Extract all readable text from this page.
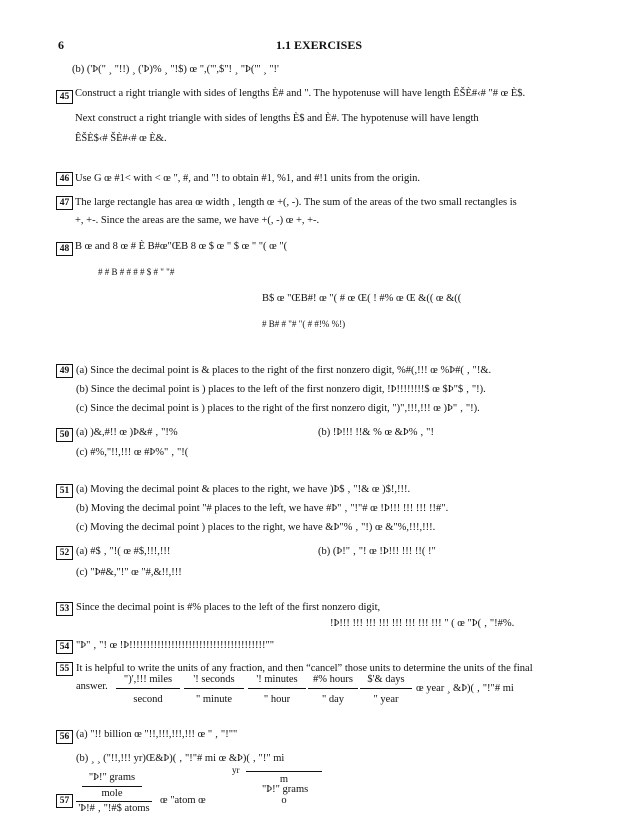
6	1.1 EXERCISES
(b) ('Þ(" ¸ "!!) ¸ ('Þ)% ¸ "!$) œ ",("',$"! ¸ "Þ("' ¸ "!'
45 Construct a right triangle with sides of lengths È# and ". The hypotenuse will have length ÊŠÈ#‹# "# œ È$.
Next construct a right triangle with sides of lengths È$ and È#. The hypotenuse will have length
ÊŠÈ$‹# ŠÈ#‹# œ È&.
46 Use G œ #1< with < œ ", #, and "! to obtain #1, %1, and #!1 units from the origin.
47 The large rectangle has area œ width ‚ length œ +(, -). The sum of the areas of the two small rectangles is
+, +-. Since the areas are the same, we have +(, -) œ +, +-.
48 B œ and 8 œ # È B#œ"ŒB 8 œ $ œ " $ œ " "( œ "(
# # B # # # # $ # " "#
B$ œ "ŒB#! œ "( # œ Œ( ! #% œ Œ &(( œ &((
# B# # "# "( # #!% %!)
49 (a) Since the decimal point is & places to the right of the first nonzero digit, %#(,!!! œ %Þ#( ‚ "!&.
(b) Since the decimal point is ) places to the left of the first nonzero digit, !Þ!!!!!!!!$ œ $Þ"$ ‚ "!).
(c) Since the decimal point is ) places to the right of the first nonzero digit, ")",!!!,!!! œ )Þ" ‚ "!).
50 (a) )&,#!! œ )Þ&# ‚ "!%	(b) !Þ!!! !!& % œ &Þ% ‚ "!
(c) #%,"!!,!!! œ #Þ%" ‚ "!(
51 (a) Moving the decimal point & places to the right, we have )Þ$ ‚ "!& œ )$!,!!!.
(b) Moving the decimal point "# places to the left, we have #Þ" ‚ "!"# œ !Þ!!! !!! !!! !!#".
(c) Moving the decimal point ) places to the right, we have &Þ"% ‚ "!) œ &"%,!!!,!!!.
52 (a) #$ ‚ "!( œ #$,!!!,!!!	(b) (Þ!" ‚ "! œ !Þ!!! !!! !!( !"
(c) "Þ#&,"!" œ "#,&!!,!!!
53 Since the decimal point is #% places to the left of the first nonzero digit,
!Þ!!! !!! !!! !!! !!! !!! !!! !!! " ( œ "Þ( ‚ "!#%.
54 "Þ" ‚ "! œ !Þ!!!!!!!!!!!!!!!!!!!!!!!!!!!!!!!!!!!!!!!""
55 It is helpful to write the units of any fraction, and then “cancel” those units to determine the units of the final
answer.
")',!!! miles
second
'! seconds
" minute
'! minutes
" hour
#% hours
" day
$'& days
" year
œ year ¸ &Þ)( ‚ "!"# mi
56 (a) "!! billion œ "!!,!!!,!!!,!!! œ " ‚ "!""
(b) ¸ ¸ ("!!,!!! yr)Œ&Þ)( ‚ "!"# mi œ &Þ)( ‚ "!" mi
yr
57
"Þ!" grams
mole
'Þ!# ‚ "!#$ atoms
œ "atom œ
m
"Þ!" grams
o
